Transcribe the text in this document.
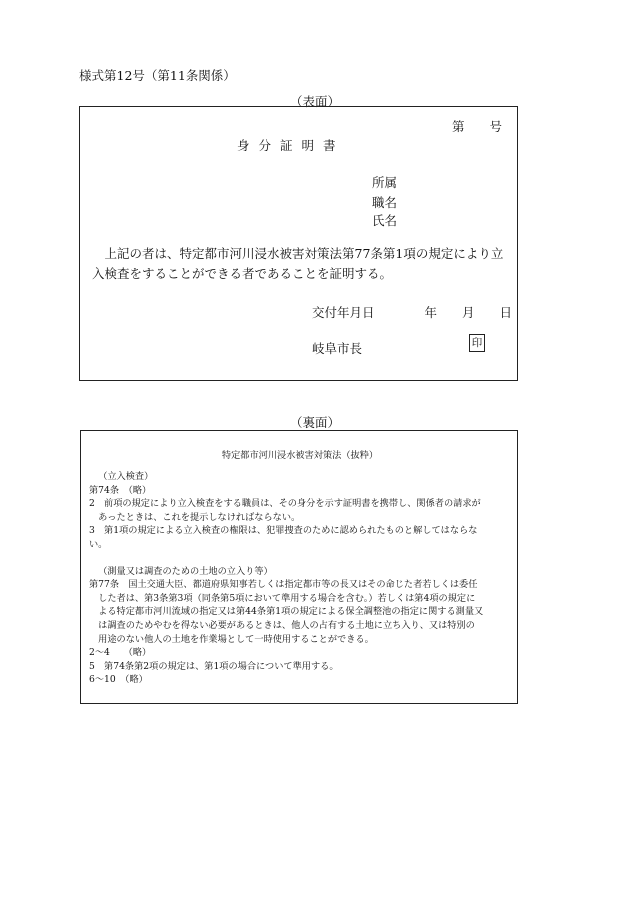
様式第12号（第11条関係）
（表面）
第　　号
身分証明書
所属
職名
氏名
上記の者は、特定都市河川浸水被害対策法第77条第1項の規定により立入検査をすることができる者であることを証明する。
交付年月日　　　　年　　月　　日
岐阜市長	印
（裏面）
特定都市河川浸水被害対策法（抜粋）
（立入検査）
第74条　（略）
2　前項の規定により立入検査をする職員は、その身分を示す証明書を携帯し、関係者の請求が
　あったときは、これを提示しなければならない。
3　第1項の規定による立入検査の権限は、犯罪捜査のために認められたものと解してはならな
い。
（測量又は調査のための土地の立入り等）
第77条　国土交通大臣、都道府県知事若しくは指定都市等の長又はその命じた者若しくは委任
　した者は、第3条第3項（同条第5項において準用する場合を含む。）若しくは第4項の規定に
　よる特定都市河川流域の指定又は第44条第1項の規定による保全調整池の指定に関する測量又
　は調査のためやむを得ない必要があるときは、他人の占有する土地に立ち入り、又は特別の
　用途のない他人の土地を作業場として一時使用することができる。
2〜4　　（略）
5　第74条第2項の規定は、第1項の場合について準用する。
6〜10　（略）
